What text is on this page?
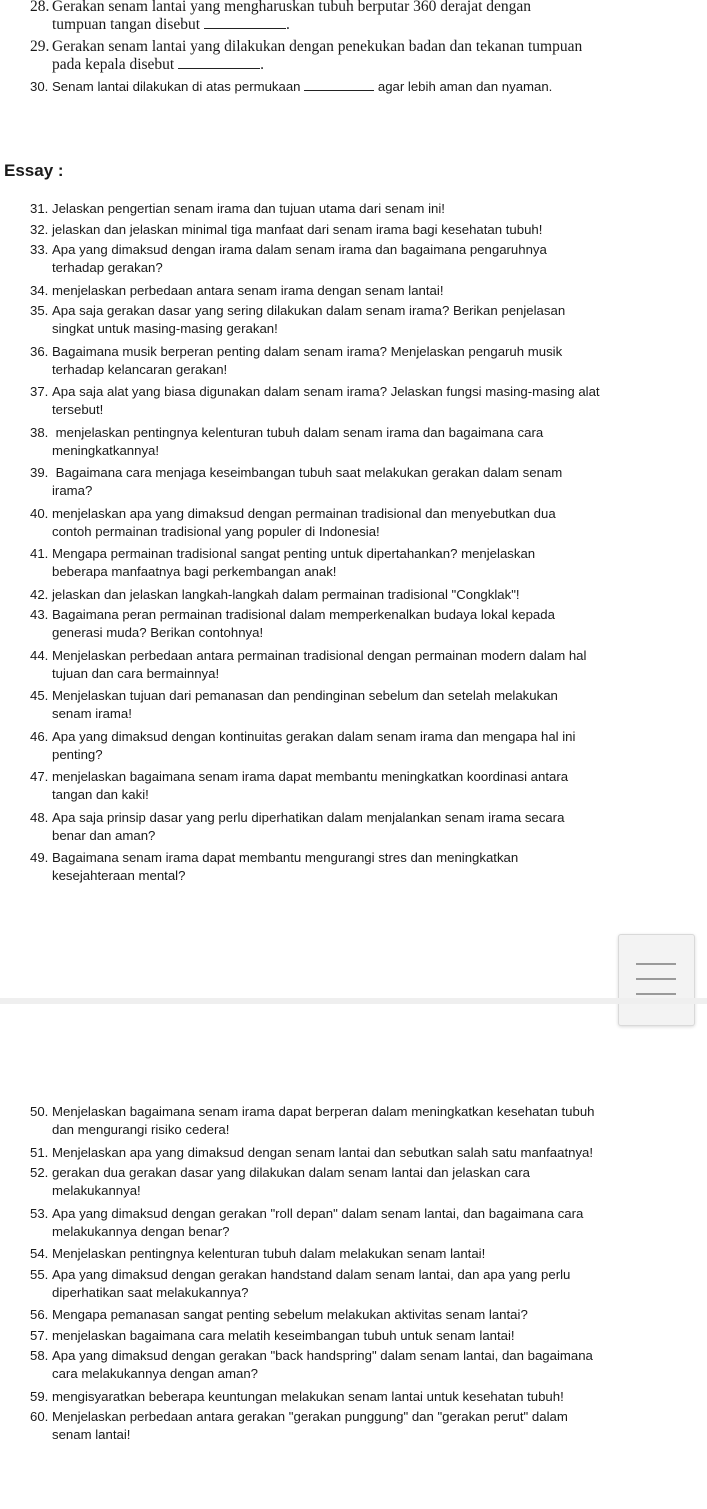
28. Gerakan senam lantai yang mengharuskan tubuh berputar 360 derajat dengan
tumpuan tangan disebut	.
29. Gerakan senam lantai yang dilakukan dengan penekukan badan dan tekanan tumpuan
pada kepala disebut	.
30. Senam lantai dilakukan di atas permukaan	agar lebih aman dan nyaman.
Essay :
31. Jelaskan pengertian senam irama dan tujuan utama dari senam ini!
32. jelaskan dan jelaskan minimal tiga manfaat dari senam irama bagi kesehatan tubuh!
33. Apa yang dimaksud dengan irama dalam senam irama dan bagaimana pengaruhnya
terhadap gerakan?
34. menjelaskan perbedaan antara senam irama dengan senam lantai!
35. Apa saja gerakan dasar yang sering dilakukan dalam senam irama? Berikan penjelasan
singkat untuk masing-masing gerakan!
36. Bagaimana musik berperan penting dalam senam irama? Menjelaskan pengaruh musik
terhadap kelancaran gerakan!
37. Apa saja alat yang biasa digunakan dalam senam irama? Jelaskan fungsi masing-masing alat
tersebut!
38. menjelaskan pentingnya kelenturan tubuh dalam senam irama dan bagaimana cara
meningkatkannya!
39. Bagaimana cara menjaga keseimbangan tubuh saat melakukan gerakan dalam senam
irama?
40. menjelaskan apa yang dimaksud dengan permainan tradisional dan menyebutkan dua
contoh permainan tradisional yang populer di Indonesia!
41. Mengapa permainan tradisional sangat penting untuk dipertahankan? menjelaskan
beberapa manfaatnya bagi perkembangan anak!
42. jelaskan dan jelaskan langkah-langkah dalam permainan tradisional "Congklak"!
43. Bagaimana peran permainan tradisional dalam memperkenalkan budaya lokal kepada
generasi muda? Berikan contohnya!
44. Menjelaskan perbedaan antara permainan tradisional dengan permainan modern dalam hal
tujuan dan cara bermainnya!
45. Menjelaskan tujuan dari pemanasan dan pendinginan sebelum dan setelah melakukan
senam irama!
46. Apa yang dimaksud dengan kontinuitas gerakan dalam senam irama dan mengapa hal ini
penting?
47. menjelaskan bagaimana senam irama dapat membantu meningkatkan koordinasi antara
tangan dan kaki!
48. Apa saja prinsip dasar yang perlu diperhatikan dalam menjalankan senam irama secara
benar dan aman?
49. Bagaimana senam irama dapat membantu mengurangi stres dan meningkatkan
kesejahteraan mental?
50. Menjelaskan bagaimana senam irama dapat berperan dalam meningkatkan kesehatan tubuh
dan mengurangi risiko cedera!
51. Menjelaskan apa yang dimaksud dengan senam lantai dan sebutkan salah satu manfaatnya!
52. gerakan dua gerakan dasar yang dilakukan dalam senam lantai dan jelaskan cara
melakukannya!
53. Apa yang dimaksud dengan gerakan "roll depan" dalam senam lantai, dan bagaimana cara
melakukannya dengan benar?
54. Menjelaskan pentingnya kelenturan tubuh dalam melakukan senam lantai!
55. Apa yang dimaksud dengan gerakan handstand dalam senam lantai, dan apa yang perlu
diperhatikan saat melakukannya?
56. Mengapa pemanasan sangat penting sebelum melakukan aktivitas senam lantai?
57. menjelaskan bagaimana cara melatih keseimbangan tubuh untuk senam lantai!
58. Apa yang dimaksud dengan gerakan "back handspring" dalam senam lantai, dan bagaimana
cara melakukannya dengan aman?
59. mengisyaratkan beberapa keuntungan melakukan senam lantai untuk kesehatan tubuh!
60. Menjelaskan perbedaan antara gerakan "gerakan punggung" dan "gerakan perut" dalam
senam lantai!
